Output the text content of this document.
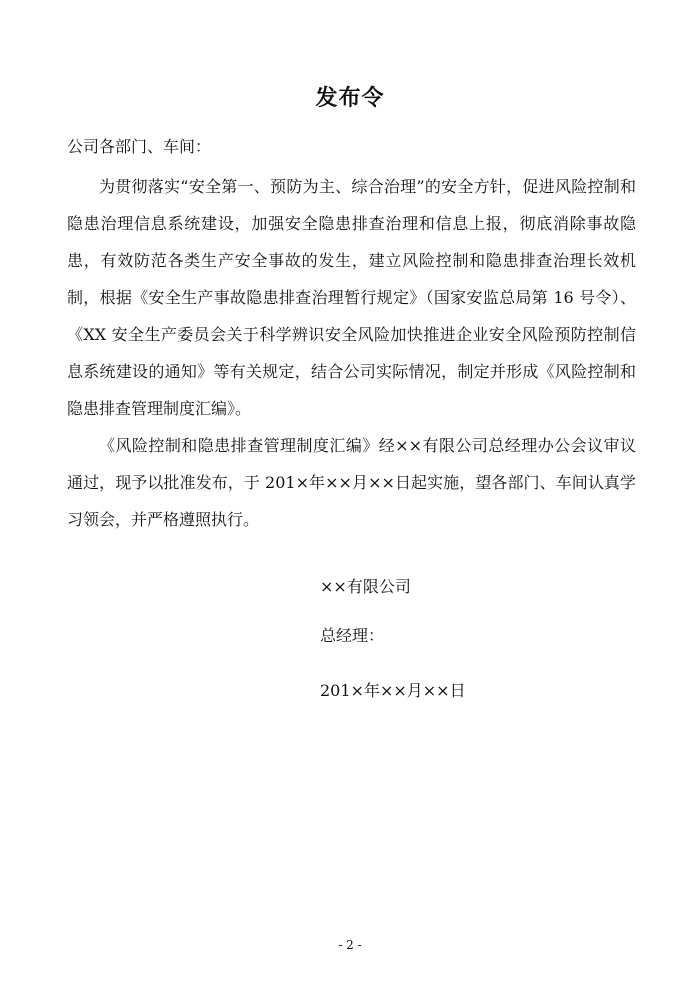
发布令
公司各部门、车间：

为贯彻落实“安全第一、预防为主、综合治理”的安全方针，促进风险控制和隐患治理信息系统建设，加强安全隐患排查治理和信息上报，彻底消除事故隐患，有效防范各类生产安全事故的发生，建立风险控制和隐患排查治理长效机制，根据《安全生产事故隐患排查治理暂行规定》（国家安监总局第 16 号令）、《XX 安全生产委员会关于科学辨识安全风险加快推进企业安全风险预防控制信息系统建设的通知》等有关规定，结合公司实际情况，制定并形成《风险控制和隐患排查管理制度汇编》。

《风险控制和隐患排查管理制度汇编》经××有限公司总经理办公会议审议通过，现予以批准发布，于 201×年××月××日起实施，望各部门、车间认真学习领会，并严格遵照执行。

××有限公司
总经理：
201×年××月××日
- 2 -
